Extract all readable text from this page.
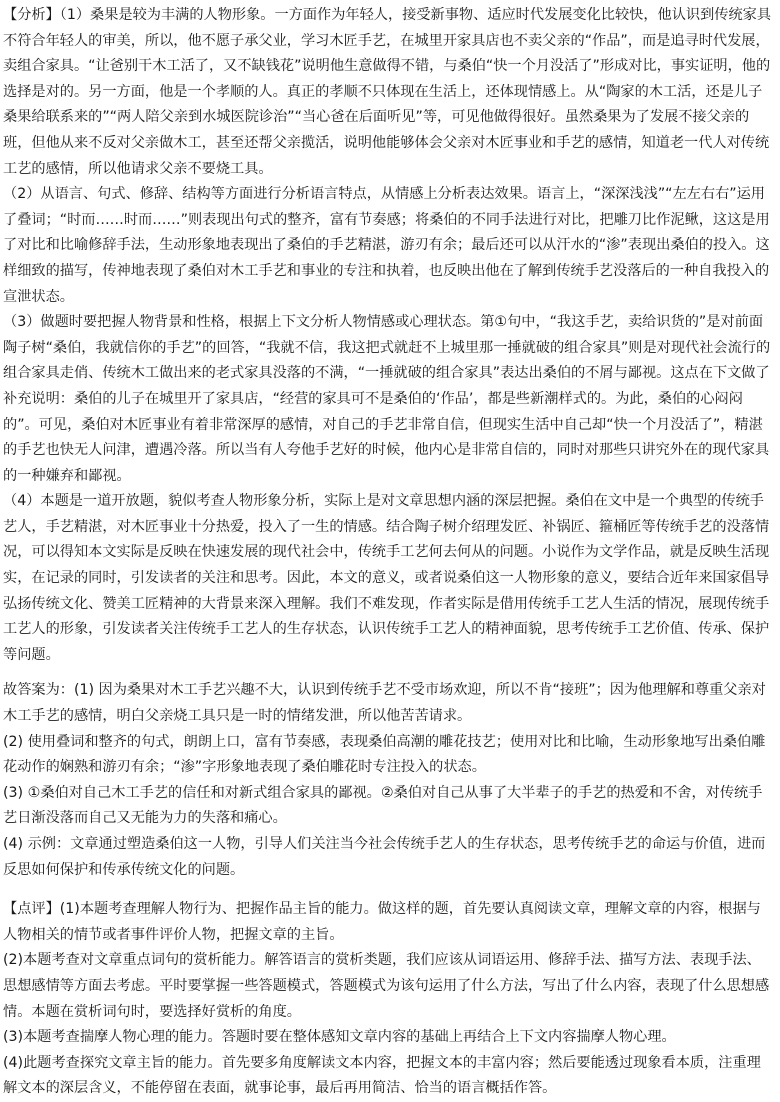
【分析】（1）桑果是较为丰满的人物形象。一方面作为年轻人，接受新事物、适应时代发展变化比较快，他认识到传统家具不符合年轻人的审美，所以，他不愿子承父业，学习木匠手艺，在城里开家具店也不卖父亲的“作品”，而是追寻时代发展，卖组合家具。“让爸别干木工活了，又不缺钱花”说明他生意做得不错，与桑伯“快一个月没活了”形成对比，事实证明，他的选择是对的。另一方面，他是一个孝顺的人。真正的孝顺不只体现在生活上，还体现情感上。从“陶家的木工活，还是儿子桑果给联系来的”“两人陪父亲到水城医院诊治”“当心爸在后面听见”等，可见他做得很好。虽然桑果为了发展不接父亲的班，但他从来不反对父亲做木工，甚至还帮父亲揽活，说明他能够体会父亲对木匠事业和手艺的感情，知道老一代人对传统工艺的感情，所以他请求父亲不要烧工具。

（2）从语言、句式、修辞、结构等方面进行分析语言特点，从情感上分析表达效果。语言上，“深深浅浅”“左左右右”运用了叠词；“时而……时而……”则表现出句式的整齐，富有节奏感；将桑伯的不同手法进行对比，把雕刀比作泥鳅，这这是用了对比和比喻修辞手法，生动形象地表现出了桑伯的手艺精湛，游刃有余；最后还可以从汗水的“渗”表现出桑伯的投入。这样细致的描写，传神地表现了桑伯对木工手艺和事业的专注和执着，也反映出他在了解到传统手艺没落后的一种自我投入的宣泄状态。

（3）做题时要把握人物背景和性格，根据上下文分析人物情感或心理状态。第①句中，“我这手艺，卖给识货的”是对前面陶子树“桑伯，我就信你的手艺”的回答，“我就不信，我这把式就赶不上城里那一捶就破的组合家具”则是对现代社会流行的组合家具走俏、传统木工做出来的老式家具没落的不满，“一捶就破的组合家具”表达出桑伯的不屑与鄙视。这点在下文做了补充说明：桑伯的儿子在城里开了家具店，“经营的家具可不是桑伯的‘作品’，都是些新潮样式的。为此，桑伯的心闷闷的”。可见，桑伯对木匠事业有着非常深厚的感情，对自己的手艺非常自信，但现实生活中自己却“快一个月没活了”，精湛的手艺也快无人问津，遭遇冷落。所以当有人夸他手艺好的时候，他内心是非常自信的，同时对那些只讲究外在的现代家具的一种嫌弃和鄙视。

（4）本题是一道开放题，貌似考查人物形象分析，实际上是对文章思想内涵的深层把握。桑伯在文中是一个典型的传统手艺人，手艺精湛，对木匠事业十分热爱，投入了一生的情感。结合陶子树介绍理发匠、补锅匠、箍桶匠等传统手艺的没落情况，可以得知本文实际是反映在快速发展的现代社会中，传统手工艺何去何从的问题。小说作为文学作品，就是反映生活现实，在记录的同时，引发读者的关注和思考。因此，本文的意义，或者说桑伯这一人物形象的意义，要结合近年来国家倡导弘扬传统文化、赞美工匠精神的大背景来深入理解。我们不难发现，作者实际是借用传统手工艺人生活的情况，展现传统手工艺人的形象，引发读者关注传统手工艺人的生存状态，认识传统手工艺人的精神面貌，思考传统手工艺价值、传承、保护等问题。

故答案为：(1) 因为桑果对木工手艺兴趣不大，认识到传统手艺不受市场欢迎，所以不肯“接班”；因为他理解和尊重父亲对木工手艺的感情，明白父亲烧工具只是一时的情绪发泄，所以他苦苦请求。

(2) 使用叠词和整齐的句式，朗朗上口，富有节奏感，表现桑伯高潮的雕花技艺；使用对比和比喻，生动形象地写出桑伯雕花动作的娴熟和游刃有余；“渗”字形象地表现了桑伯雕花时专注投入的状态。

(3) ①桑伯对自己木工手艺的信任和对新式组合家具的鄙视。②桑伯对自己从事了大半辈子的手艺的热爱和不舍，对传统手艺日渐没落而自己又无能为力的失落和痛心。

(4) 示例：文章通过塑造桑伯这一人物，引导人们关注当今社会传统手艺人的生存状态，思考传统手艺的命运与价值，进而反思如何保护和传承传统文化的问题。

【点评】(1)本题考查理解人物行为、把握作品主旨的能力。做这样的题，首先要认真阅读文章，理解文章的内容，根据与人物相关的情节或者事件评价人物，把握文章的主旨。

(2)本题考查对文章重点词句的赏析能力。解答语言的赏析类题，我们应该从词语运用、修辞手法、描写方法、表现手法、思想感情等方面去考虑。平时要掌握一些答题模式，答题模式为该句运用了什么方法，写出了什么内容，表现了什么思想感情。本题在赏析词句时，要选择好赏析的角度。

(3)本题考查揣摩人物心理的能力。答题时要在整体感知文章内容的基础上再结合上下文内容揣摩人物心理。

(4)此题考查探究文章主旨的能力。首先要多角度解读文本内容，把握文本的丰富内容；然后要能透过现象看本质，注重理解文本的深层含义，不能停留在表面，就事论事，最后再用简洁、恰当的语言概括作答。
